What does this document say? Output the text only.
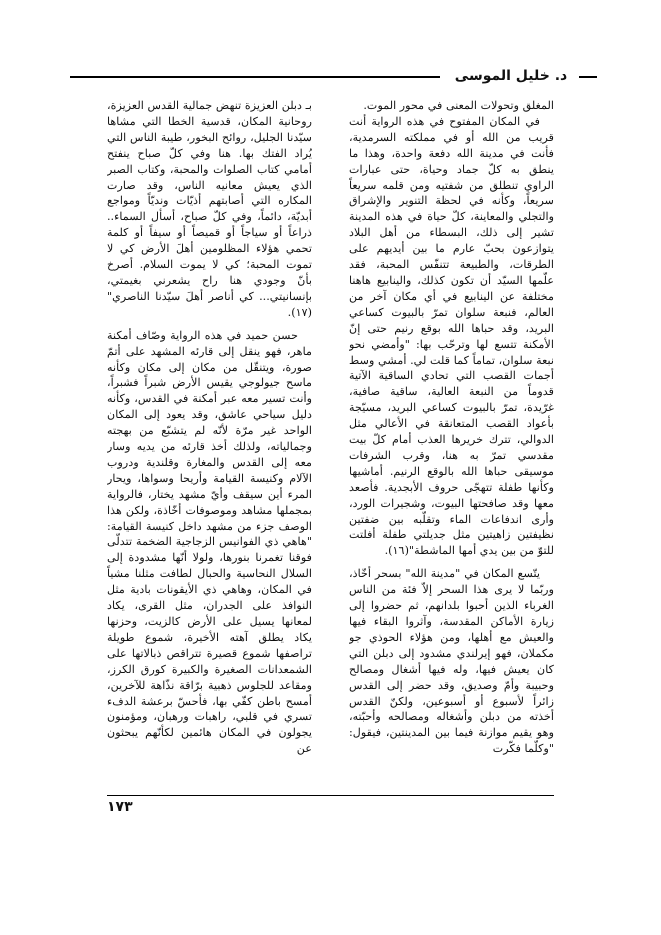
د. خليل الموسى

المغلق وتحولات المعنى في محور الموت.

في المكان المفتوح في هذه الرواية أنت قريب من الله أو في مملكته السرمدية، فأنت في مدينة الله دفعة واحدة، وهذا ما ينطق به كلّ جماد وحياة، حتى عبارات الراوي تنطلق من شفتيه ومن قلمه سريعاً سريعاً، وكأنه في لحظة التنوير والإشراق والتجلي والمعاينة، كلّ حياة في هذه المدينة تشير إلى ذلك، البسطاء من أهل البلاد يتوازعون بحبّ عارم ما بين أيديهم على الطرقات، والطبيعة تتنفّس المحبة، فقد علّمها السيّد أن تكون كذلك، والينابيع هاهنا مختلفة عن الينابيع في أي مكان آخر من العالم، فنبعة سلوان تمرّ بالبيوت كساعي البريد، وقد حباها الله بوقع رنيم حتى إنّ الأمكنة تتسع لها وترحّب بها: "وأمضي نحو نبعة سلوان، تماماً كما قلت لي. أمشي وسط أجمات القصب التي تحادي الساقية الآتية قدوماً من النبعة العالية، ساقية صافية، غرّيدة، تمرّ بالبيوت كساعي البريد، مسيّجة بأعواد القصب المتعانقة في الأعالي مثل الدوالي، تترك خريرها العذب أمام كلّ بيت مقدسي تمرّ به هنا، وقرب الشرفات موسيقى حباها الله بالوقع الرنيم. أماشيها وكأنها طفلة تتهجّى حروف الأبجدية. فأصعد معها وقد صافحتها البيوت، وشجيرات الورد، وأرى اندفاعات الماء وتقلّبه بين ضفتين نظيفتين زاهيتين مثل جديلتي طفلة أفلتت للتوّ من بين يدي أمها الماشطة"(١٦).

يتّسع المكان في "مدينة الله" بسحر أخّاذ، وربّما لا يرى هذا السحر إلاّ فئة من الناس الغرباء الذين أحبوا بلدانهم، ثم حضروا إلى زيارة الأماكن المقدسة، وآثروا البقاء فيها والعيش مع أهلها، ومن هؤلاء الحوذي جو مكملان، فهو إيرلندي مشدود إلى دبلن التي كان يعيش فيها، وله فيها أشغال ومصالح وحبيبة وأمّ وصديق، وقد حضر إلى القدس زائراً لأسبوع أو أسبوعين، ولكنّ القدس أخذته من دبلن وأشغاله ومصالحه وأحبّته، وهو يقيم موازنة فيما بين المدينتين، فيقول: "وكلّما فكّرت

بـ دبلن العزيزة تنهض جمالية القدس العزيزة، روحانية المكان، قدسية الخطا التي مشاها سيّدنا الجليل، روائح البخور، طيبة الناس التي يُراد الفتك بها. هنا وفي كلّ صباح ينفتح أمامي كتاب الصلوات والمحبة، وكتاب الصبر الذي يعيش معانيه الناس، وقد صارت المكاره التي أصابتهم أذيّات ونديّاً ومواجع أبديّة، دائماً، وفي كلّ صباح، أسأل السماء.. ذراعاً أو سياجاً أو قميصاً أو سيفاً أو كلمة تحمي هؤلاء المظلومين أهلَ الأرض كي لا تموت المحبة؛ كي لا يموت السلام. أصرخ بأنّ وجودي هنا راح يشعرني بغيمتي، بإنسانيتي... كي أناصر أهلَ سيّدنا الناصري"(١٧).

حسن حميد في هذه الرواية وصّاف أمكنة ماهر، فهو ينقل إلى قارئه المشهد على أتمّ صورة، ويتنقّل من مكان إلى مكان وكأنه ماسح جيولوجي يقيس الأرض شبراً فشبراً، وأنت تسير معه عبر أمكنة في القدس، وكأنه دليل سياحي عاشق، وقد يعود إلى المكان الواحد غير مرّة لأنّه لم يتشبّع من بهجته وجمالياته، ولذلك أخذ قارئه من يديه وسار معه إلى القدس والمغارة وقلندية ودروب الآلام وكنيسة القيامة وأريحا وسواها، ويحار المرء أين سيقف وأيّ مشهد يختار، فالرواية بمجملها مشاهد وموصوفات أخّاذة، ولكن هذا الوصف جزء من مشهد داخل كنيسة القيامة: "هاهي ذي الفوانيس الزجاجية الضخمة تتدلّى فوقنا تغمرنا بنورها، ولولا أنّها مشدودة إلى السلال النحاسية والحبال لطافت مثلنا مشياً في المكان، وهاهي ذي الأيقونات بادية مثل النوافذ على الجدران، مثل القرى، يكاد لمعانها يسيل على الأرض كالزيت، وحزنها يكاد يطلق آهته الأخيرة، شموع طويلة تراصفها شموع قصيرة تتراقص ذبالاتها على الشمعدانات الصغيرة والكبيرة كورق الكرز، ومقاعد للجلوس ذهبية برّاقة نذّاهة للآخرين، أمسح باطن كفّي بها، فأحسّ برعشة الدفء تسري في قلبي، راهبات ورهبان، ومؤمنون يجولون في المكان هائمين لكأنّهم يبحثون عن

١٧٣
